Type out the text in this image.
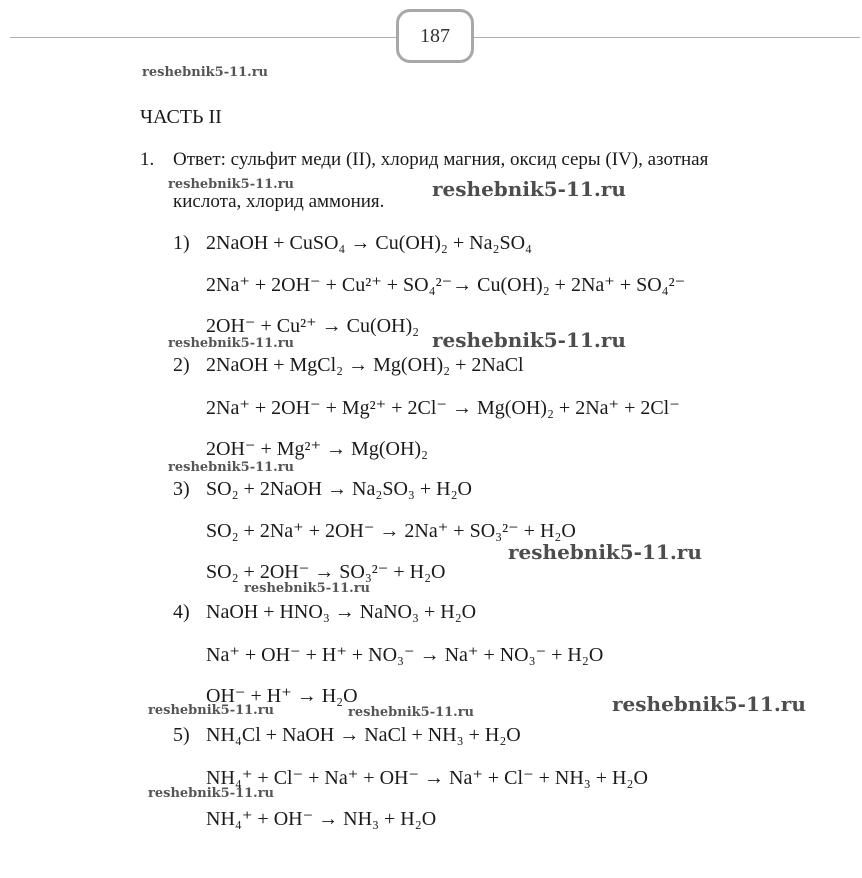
187
reshebnik5-11.ru
reshebnik5-11.ru	reshebnik5-11.ru
reshebnik5-11.ru
reshebnik5-11.ru
reshebnik5-11.ru
reshebnik5-11.ru
reshebnik5-11.ru
reshebnik5-11.ru
reshebnik5-11.ru	reshebnik5-11.ru
reshebnik5-11.ru
ЧАСТЬ II
1. Ответ: сульфит меди (II), хлорид магния, оксид серы (IV), азотная
кислота, хлорид аммония.
1) 2NaOH + CuSO₄ → Cu(OH)₂ + Na₂SO₄
2Na⁺ + 2OH⁻ + Cu²⁺ + SO₄²⁻→ Cu(OH)₂ + 2Na⁺ + SO₄²⁻
2OH⁻ + Cu²⁺ → Cu(OH)₂
2) 2NaOH + MgCl₂ → Mg(OH)₂ + 2NaCl
2Na⁺ + 2OH⁻ + Mg²⁺ + 2Cl⁻ → Mg(OH)₂ + 2Na⁺ + 2Cl⁻
2OH⁻ + Mg²⁺ → Mg(OH)₂
3) SO₂ + 2NaOH → Na₂SO₃ + H₂O
SO₂ + 2Na⁺ + 2OH⁻ → 2Na⁺ + SO₃²⁻ + H₂O
SO₂ + 2OH⁻ → SO₃²⁻ + H₂O
4) NaOH + HNO₃ → NaNO₃ + H₂O
Na⁺ + OH⁻ + H⁺ + NO₃⁻ → Na⁺ + NO₃⁻ + H₂O
OH⁻ + H⁺ → H₂O
5) NH₄Cl + NaOH → NaCl + NH₃ + H₂O
NH₄⁺ + Cl⁻ + Na⁺ + OH⁻ → Na⁺ + Cl⁻ + NH₃ + H₂O
NH₄⁺ + OH⁻ → NH₃ + H₂O
